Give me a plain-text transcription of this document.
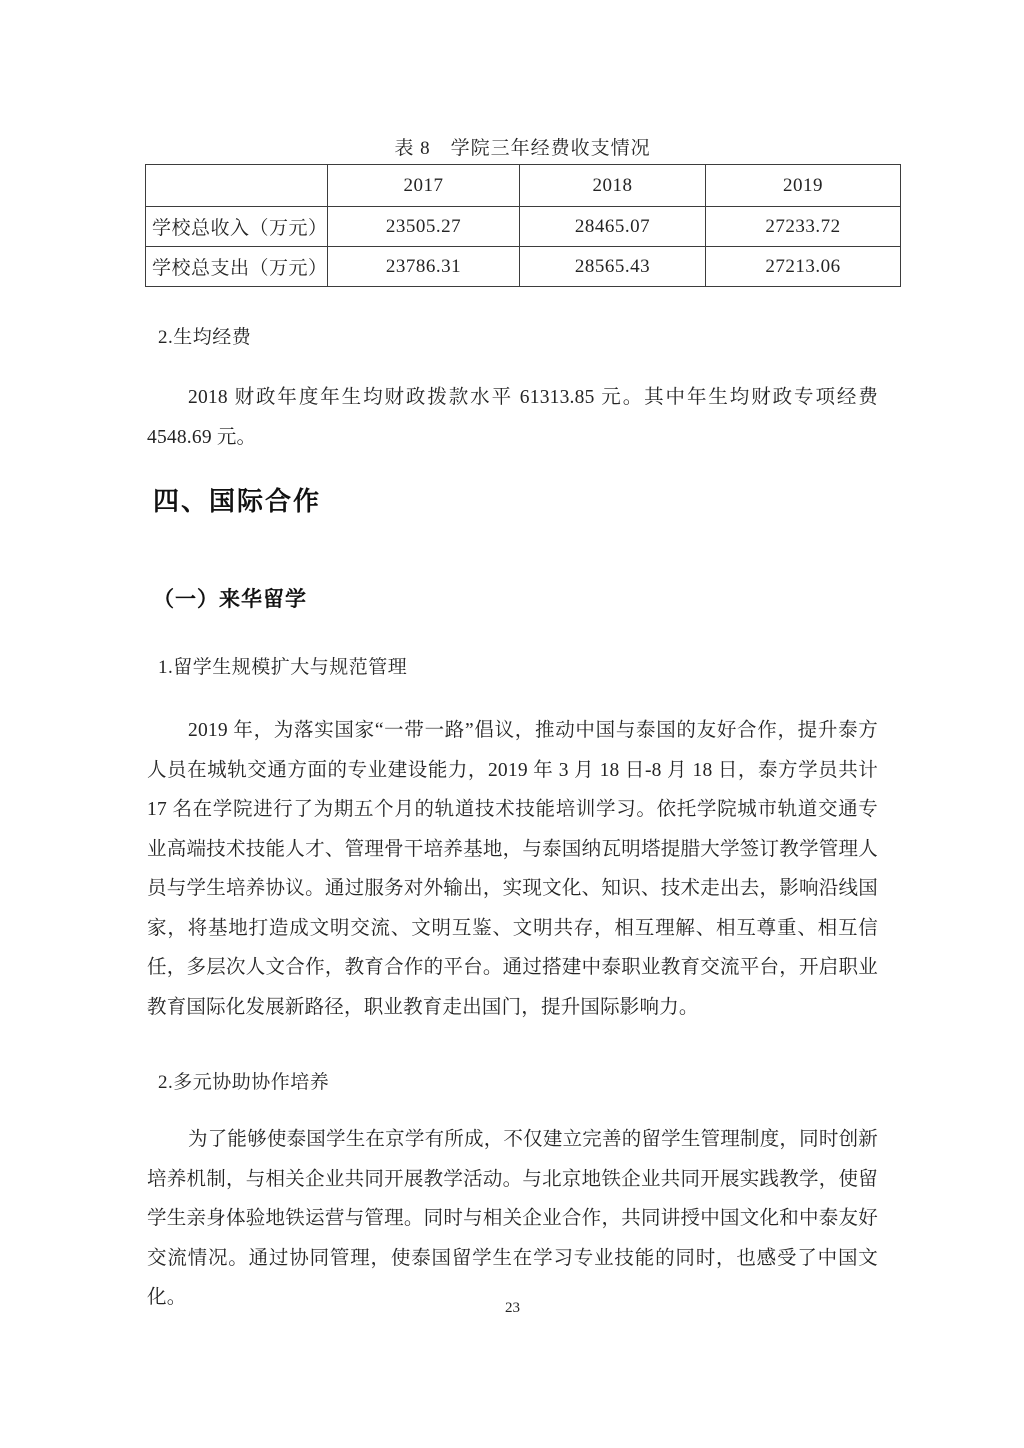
表 8　学院三年经费收支情况
	2017	2018	2019
学校总收入（万元）	23505.27	28465.07	27233.72
学校总支出（万元）	23786.31	28565.43	27213.06
2.生均经费
2018 财政年度年生均财政拨款水平 61313.85 元。其中年生均财政专项经费 4548.69 元。
四、国际合作
（一）来华留学
1.留学生规模扩大与规范管理
2019 年，为落实国家“一带一路”倡议，推动中国与泰国的友好合作，提升泰方人员在城轨交通方面的专业建设能力，2019 年 3 月 18 日-8 月 18 日，泰方学员共计 17 名在学院进行了为期五个月的轨道技术技能培训学习。依托学院城市轨道交通专业高端技术技能人才、管理骨干培养基地，与泰国纳瓦明塔提腊大学签订教学管理人员与学生培养协议。通过服务对外输出，实现文化、知识、技术走出去，影响沿线国家，将基地打造成文明交流、文明互鉴、文明共存，相互理解、相互尊重、相互信任，多层次人文合作，教育合作的平台。通过搭建中泰职业教育交流平台，开启职业教育国际化发展新路径，职业教育走出国门，提升国际影响力。
2.多元协助协作培养
为了能够使泰国学生在京学有所成，不仅建立完善的留学生管理制度，同时创新培养机制，与相关企业共同开展教学活动。与北京地铁企业共同开展实践教学，使留学生亲身体验地铁运营与管理。同时与相关企业合作，共同讲授中国文化和中泰友好交流情况。通过协同管理，使泰国留学生在学习专业技能的同时，也感受了中国文化。	23
